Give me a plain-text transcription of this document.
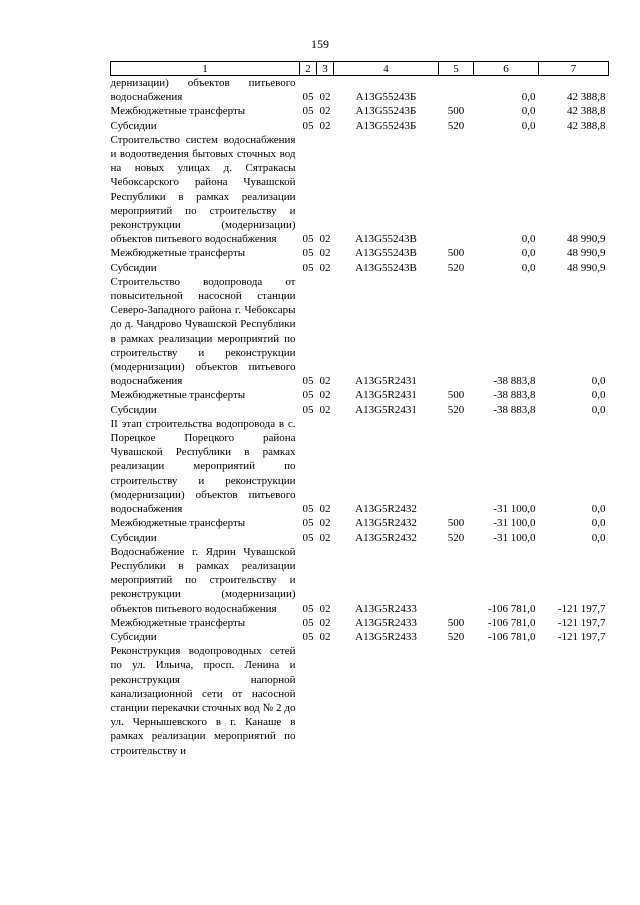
159
1	2	3	4	5	6	7
дернизации) объектов питьевого водоснабжения	05	02	А13G55243Б		0,0	42 388,8
Межбюджетные трансферты	05	02	А13G55243Б	500	0,0	42 388,8
Субсидии	05	02	А13G55243Б	520	0,0	42 388,8
Строительство систем водоснабжения и водоотведения бытовых сточных вод на новых улицах д. Сятракасы Чебоксарского района Чувашской Республики в рамках реализации мероприятий по строительству и реконструкции (модернизации) объектов питьевого водоснабжения	05	02	А13G55243В		0,0	48 990,9
Межбюджетные трансферты	05	02	А13G55243В	500	0,0	48 990,9
Субсидии	05	02	А13G55243В	520	0,0	48 990,9
Строительство водопровода от повысительной насосной станции Северо-Западного района г. Чебоксары до д. Чандрово Чувашской Республики в рамках реализации мероприятий по строительству и реконструкции (модернизации) объектов питьевого водоснабжения	05	02	А13G5R2431		-38 883,8	0,0
Межбюджетные трансферты	05	02	А13G5R2431	500	-38 883,8	0,0
Субсидии	05	02	А13G5R2431	520	-38 883,8	0,0
II этап строительства водопровода в с. Порецкое Порецкого района Чувашской Республики в рамках реализации мероприятий по строительству и реконструкции (модернизации) объектов питьевого водоснабжения	05	02	А13G5R2432		-31 100,0	0,0
Межбюджетные трансферты	05	02	А13G5R2432	500	-31 100,0	0,0
Субсидии	05	02	А13G5R2432	520	-31 100,0	0,0
Водоснабжение г. Ядрин Чувашской Республики в рамках реализации мероприятий по строительству и реконструкции (модернизации) объектов питьевого водоснабжения	05	02	А13G5R2433		-106 781,0	-121 197,7
Межбюджетные трансферты	05	02	А13G5R2433	500	-106 781,0	-121 197,7
Субсидии	05	02	А13G5R2433	520	-106 781,0	-121 197,7
Реконструкция водопроводных сетей по ул. Ильича, просп. Ленина и реконструкция напорной канализационной сети от насосной станции перекачки сточных вод № 2 до ул. Чернышевского в г. Канаше в рамках реализации мероприятий по строительству и						
